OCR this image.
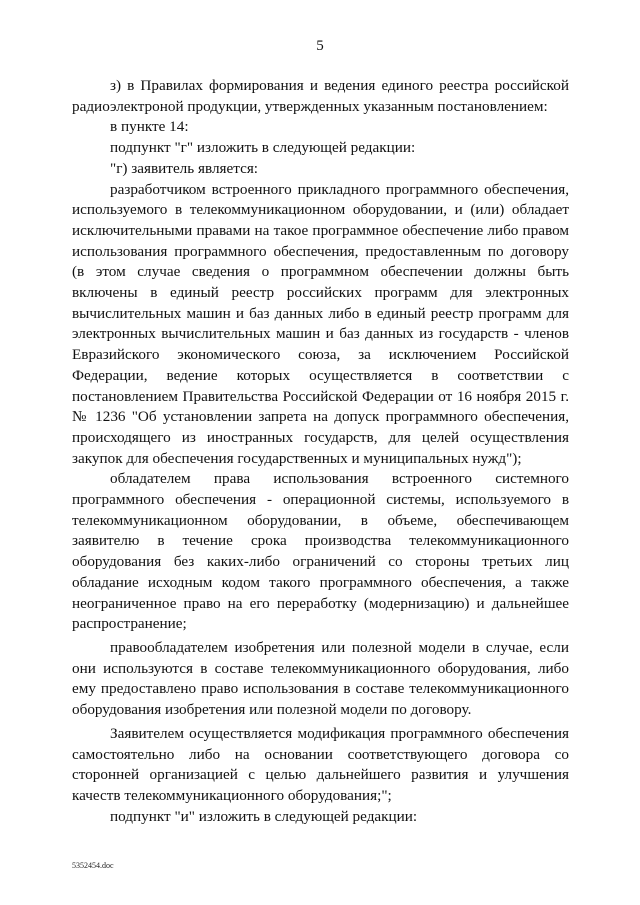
5

з) в Правилах формирования и ведения единого реестра российской радиоэлектроной продукции, утвержденных указанным постановлением:

в пункте 14:

подпункт "г" изложить в следующей редакции:

"г) заявитель является:

разработчиком встроенного прикладного программного обеспечения, используемого в телекоммуникационном оборудовании, и (или) обладает исключительными правами на такое программное обеспечение либо правом использования программного обеспечения, предоставленным по договору (в этом случае сведения о программном обеспечении должны быть включены в единый реестр российских программ для электронных вычислительных машин и баз данных либо в единый реестр программ для электронных вычислительных машин и баз данных из государств - членов Евразийского экономического союза, за исключением Российской Федерации, ведение которых осуществляется в соответствии с постановлением Правительства Российской Федерации от 16 ноября 2015 г. № 1236 "Об установлении запрета на допуск программного обеспечения, происходящего из иностранных государств, для целей осуществления закупок для обеспечения государственных и муниципальных нужд");

обладателем права использования встроенного системного программного обеспечения - операционной системы, используемого в телекоммуникационном оборудовании, в объеме, обеспечивающем заявителю в течение срока производства телекоммуникационного оборудования без каких-либо ограничений со стороны третьих лиц обладание исходным кодом такого программного обеспечения, а также неограниченное право на его переработку (модернизацию) и дальнейшее распространение;

правообладателем изобретения или полезной модели в случае, если они используются в составе телекоммуникационного оборудования, либо ему предоставлено право использования в составе телекоммуникационного оборудования изобретения или полезной модели по договору.

Заявителем осуществляется модификация программного обеспечения самостоятельно либо на основании соответствующего договора со сторонней организацией с целью дальнейшего развития и улучшения качеств телекоммуникационного оборудования;";

подпункт "и" изложить в следующей редакции:

5352454.doc
